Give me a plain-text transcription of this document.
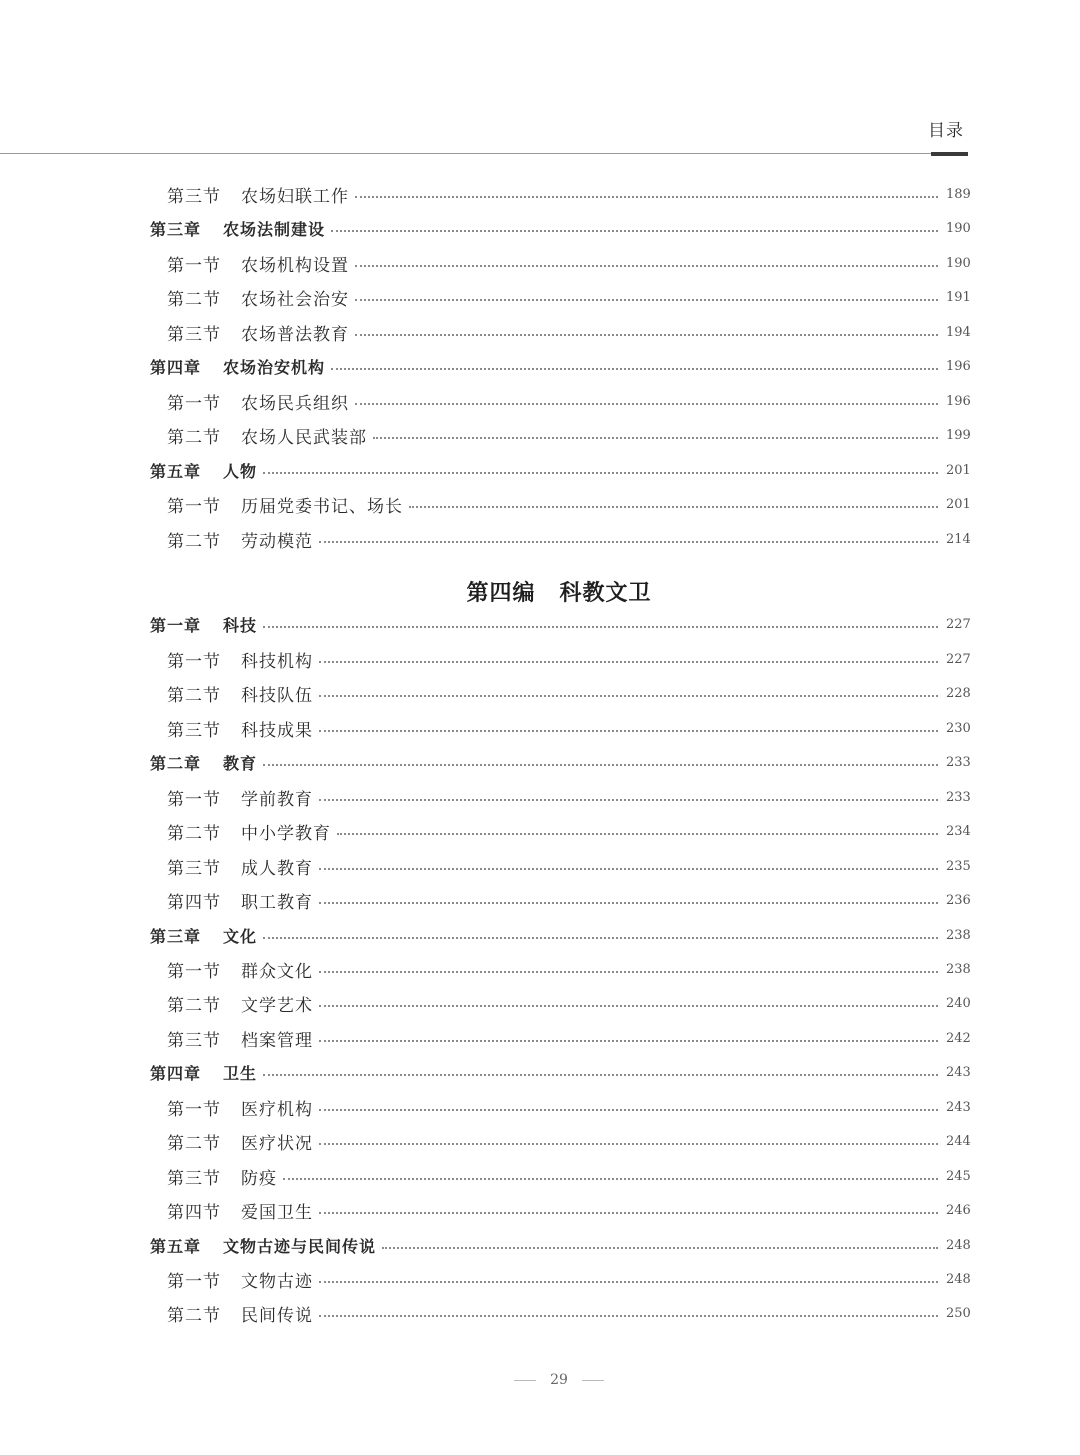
目录
第四编 科教文卫
第三节 农场妇联工作	189
第三章 农场法制建设	190
第一节 农场机构设置	190
第二节 农场社会治安	191
第三节 农场普法教育	194
第四章 农场治安机构	196
第一节 农场民兵组织	196
第二节 农场人民武装部	199
第五章 人物	201
第一节 历届党委书记、场长	201
第二节 劳动模范	214
第一章 科技	227
第一节 科技机构	227
第二节 科技队伍	228
第三节 科技成果	230
第二章 教育	233
第一节 学前教育	233
第二节 中小学教育	234
第三节 成人教育	235
第四节 职工教育	236
第三章 文化	238
第一节 群众文化	238
第二节 文学艺术	240
第三节 档案管理	242
第四章 卫生	243
第一节 医疗机构	243
第二节 医疗状况	244
第三节 防疫	245
第四节 爱国卫生	246
第五章 文物古迹与民间传说	248
第一节 文物古迹	248
第二节 民间传说	250
29
